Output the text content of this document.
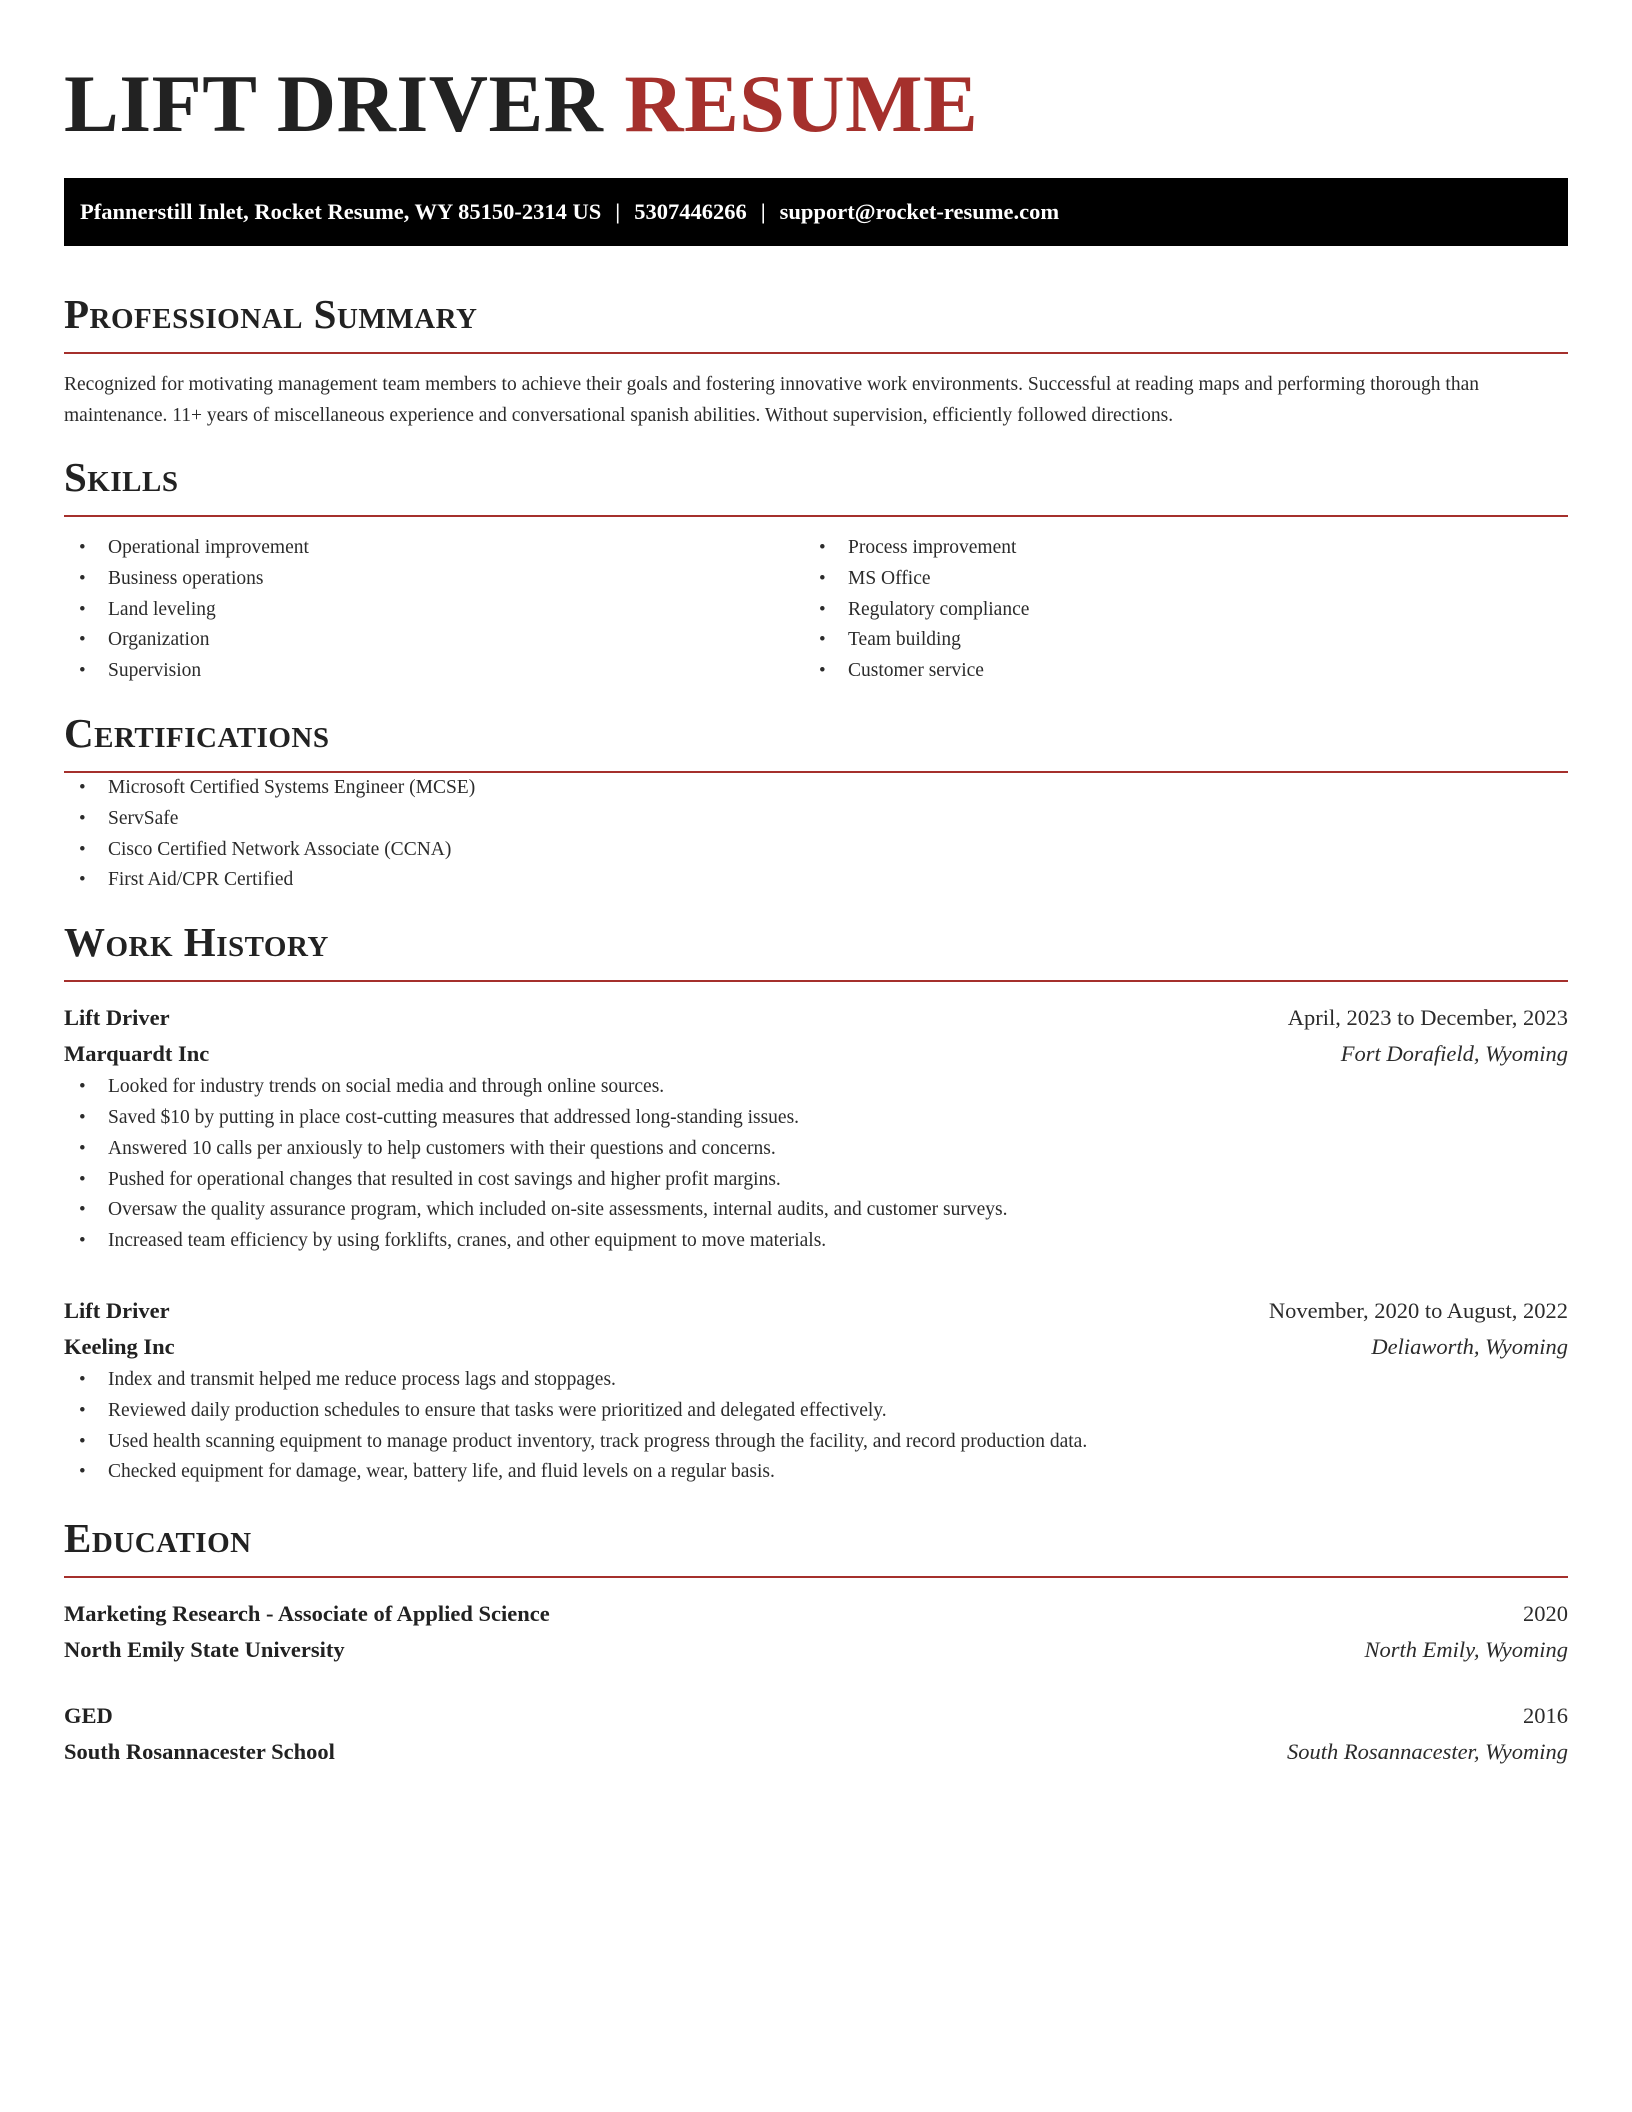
LIFT DRIVER RESUME
Pfannerstill Inlet, Rocket Resume, WY 85150-2314 US | 5307446266 | support@rocket-resume.com
Professional Summary

Recognized for motivating management team members to achieve their goals and fostering innovative work environments. Successful at reading maps and performing thorough than maintenance. 11+ years of miscellaneous experience and conversational spanish abilities. Without supervision, efficiently followed directions.

Skills
• Operational improvement
• Business operations
• Land leveling
• Organization
• Supervision
• Process improvement
• MS Office
• Regulatory compliance
• Team building
• Customer service
Certifications
• Microsoft Certified Systems Engineer (MCSE)
• ServSafe
• Cisco Certified Network Associate (CCNA)
• First Aid/CPR Certified
Work History
Lift Driver	April, 2023 to December, 2023
Marquardt Inc	Fort Dorafield, Wyoming
• Looked for industry trends on social media and through online sources.
• Saved $10 by putting in place cost-cutting measures that addressed long-standing issues.
• Answered 10 calls per anxiously to help customers with their questions and concerns.
• Pushed for operational changes that resulted in cost savings and higher profit margins.
• Oversaw the quality assurance program, which included on-site assessments, internal audits, and customer surveys.
• Increased team efficiency by using forklifts, cranes, and other equipment to move materials.
Lift Driver	November, 2020 to August, 2022
Keeling Inc	Deliaworth, Wyoming
• Index and transmit helped me reduce process lags and stoppages.
• Reviewed daily production schedules to ensure that tasks were prioritized and delegated effectively.
• Used health scanning equipment to manage product inventory, track progress through the facility, and record production data.
• Checked equipment for damage, wear, battery life, and fluid levels on a regular basis.
Education
Marketing Research - Associate of Applied Science	2020
North Emily State University	North Emily, Wyoming
GED	2016
South Rosannacester School	South Rosannacester, Wyoming
